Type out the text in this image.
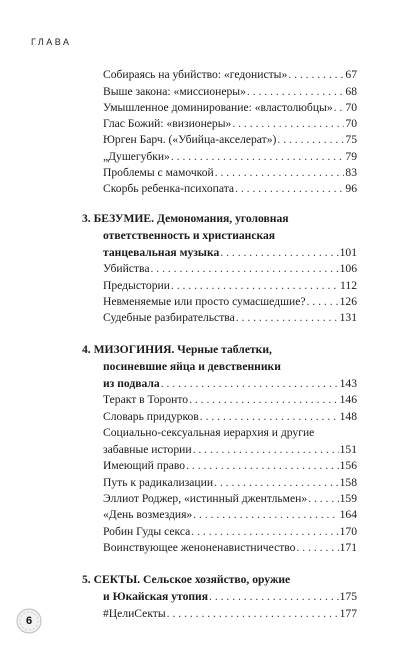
ГЛАВА
Собираясь на убийство: «гедонисты» . . .	67
Выше закона: «миссионеры» . . .	68
Умышленное доминирование: «властолюбцы» . . . 70
Глас Божий: «визионеры» . . .	70
Юрген Барч. («Убийца-акселерат») . . .	75
„Душегубки» . . .	79
Проблемы с мамочкой . . .	83
Скорбь ребенка-психопата . . .	96
3. БЕЗУМИЕ. Демономания, уголовная
ответственность и христианская
танцевальная музыка . . .	101
Убийства . . .	106
Предыстории . . .	112
Невменяемые или просто сумасшедшие? . . .	126
Судебные разбирательства . . .	131
4. МИЗОГИНИЯ. Черные таблетки,
посиневшие яйца и девственники
из подвала . . .	143
Теракт в Торонто . . .	146
Словарь придурков . . .	148
Социально-сексуальная иерархия и другие
забавные истории . . .	151
Имеющий право . . .	156
Путь к радикализации . . .	158
Эллиот Роджер, «истинный джентльмен» . . .	159
«День возмездия» . . .	164
Робин Гуды секса . . .	170
Воинствующее женоненавистничество . . .	171
5. СЕКТЫ. Сельское хозяйство, оружие
и Юкайская утопия . . .	175
#ЦелиСекты . . .	177
6
